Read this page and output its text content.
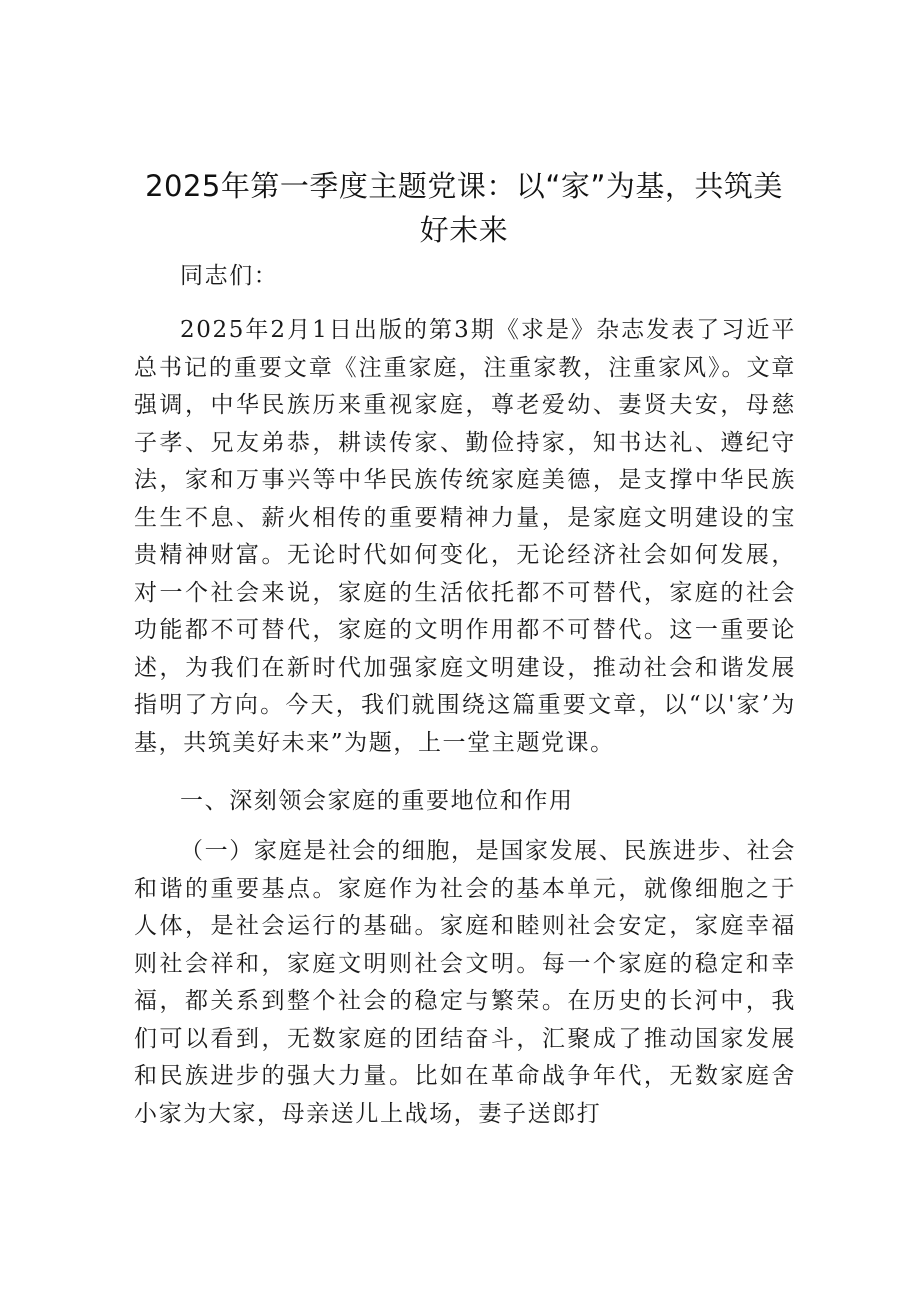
2025年第一季度主题党课：以“家”为基，共筑美好未来

同志们：

2025年2月1日出版的第3期《求是》杂志发表了习近平总书记的重要文章《注重家庭，注重家教，注重家风》。文章强调，中华民族历来重视家庭，尊老爱幼、妻贤夫安，母慈子孝、兄友弟恭，耕读传家、勤俭持家，知书达礼、遵纪守法，家和万事兴等中华民族传统家庭美德，是支撑中华民族生生不息、薪火相传的重要精神力量，是家庭文明建设的宝贵精神财富。无论时代如何变化，无论经济社会如何发展，对一个社会来说，家庭的生活依托都不可替代，家庭的社会功能都不可替代，家庭的文明作用都不可替代。这一重要论述，为我们在新时代加强家庭文明建设，推动社会和谐发展指明了方向。今天，我们就围绕这篇重要文章，以“以'家’为基，共筑美好未来”为题，上一堂主题党课。

一、深刻领会家庭的重要地位和作用

（一）家庭是社会的细胞，是国家发展、民族进步、社会和谐的重要基点。家庭作为社会的基本单元，就像细胞之于人体，是社会运行的基础。家庭和睦则社会安定，家庭幸福则社会祥和，家庭文明则社会文明。每一个家庭的稳定和幸福，都关系到整个社会的稳定与繁荣。在历史的长河中，我们可以看到，无数家庭的团结奋斗，汇聚成了推动国家发展和民族进步的强大力量。比如在革命战争年代，无数家庭舍小家为大家，母亲送儿上战场，妻子送郎打
